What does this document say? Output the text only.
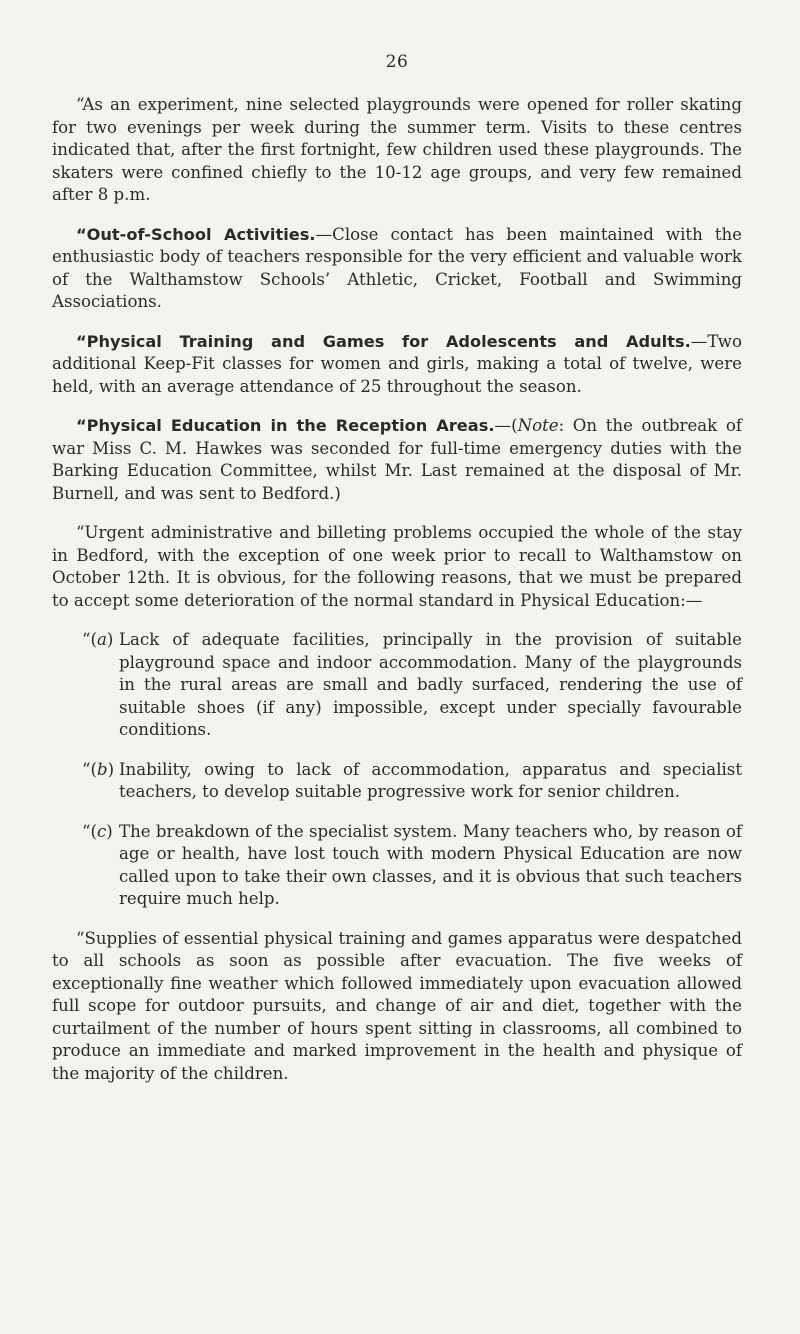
26

“As an experiment, nine selected playgrounds were opened for roller skating for two evenings per week during the summer term. Visits to these centres indicated that, after the first fortnight, few children used these playgrounds. The skaters were confined chiefly to the 10-12 age groups, and very few remained after 8 p.m.

“Out-of-School Activities.—Close contact has been maintained with the enthusiastic body of teachers responsible for the very efficient and valuable work of the Walthamstow Schools’ Athletic, Cricket, Football and Swimming Associations.

“Physical Training and Games for Adolescents and Adults.—Two additional Keep-Fit classes for women and girls, making a total of twelve, were held, with an average attendance of 25 throughout the season.

“Physical Education in the Reception Areas.—(Note: On the outbreak of war Miss C. M. Hawkes was seconded for full-time emergency duties with the Barking Education Committee, whilst Mr. Last remained at the disposal of Mr. Burnell, and was sent to Bedford.)

“Urgent administrative and billeting problems occupied the whole of the stay in Bedford, with the exception of one week prior to recall to Walthamstow on October 12th. It is obvious, for the following reasons, that we must be prepared to accept some deterioration of the normal standard in Physical Education:—

“(a) Lack of adequate facilities, principally in the provision of suitable playground space and indoor accommodation. Many of the playgrounds in the rural areas are small and badly surfaced, rendering the use of suitable shoes (if any) impossible, except under specially favourable conditions.
“(b) Inability, owing to lack of accommodation, apparatus and specialist teachers, to develop suitable progressive work for senior children.
“(c) The breakdown of the specialist system. Many teachers who, by reason of age or health, have lost touch with modern Physical Education are now called upon to take their own classes, and it is obvious that such teachers require much help.

“Supplies of essential physical training and games apparatus were despatched to all schools as soon as possible after evacuation. The five weeks of exceptionally fine weather which followed immediately upon evacuation allowed full scope for outdoor pursuits, and change of air and diet, together with the curtailment of the number of hours spent sitting in classrooms, all combined to produce an immediate and marked improvement in the health and physique of the majority of the children.
